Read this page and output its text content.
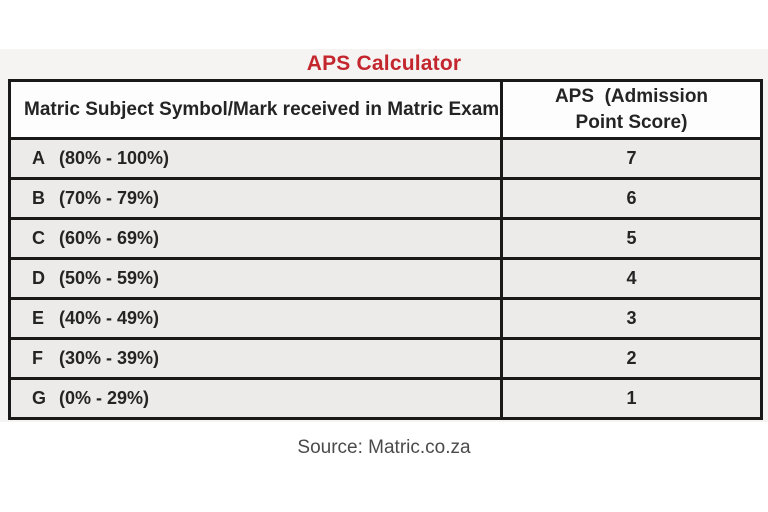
APS Calculator
Matric Subject Symbol/Mark received in Matric Exam	APS  (Admission Point Score)
A (80% - 100%)	7
B (70% - 79%)	6
C (60% - 69%)	5
D (50% - 59%)	4
E (40% - 49%)	3
F (30% - 39%)	2
G (0% - 29%)	1
Source: Matric.co.za
